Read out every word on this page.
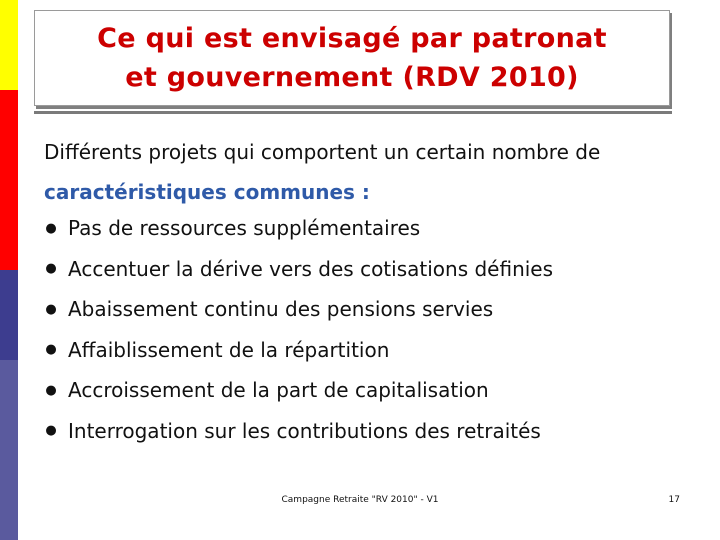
Ce qui est envisagé par patronat
et gouvernement (RDV 2010)
Différents projets qui comportent un certain nombre de caractéristiques communes :
● Pas de ressources supplémentaires
● Accentuer la dérive vers des cotisations définies
● Abaissement continu des pensions servies
● Affaiblissement de la répartition
● Accroissement de la part de capitalisation
● Interrogation sur les contributions des retraités
Campagne Retraite "RV 2010" - V1	17
